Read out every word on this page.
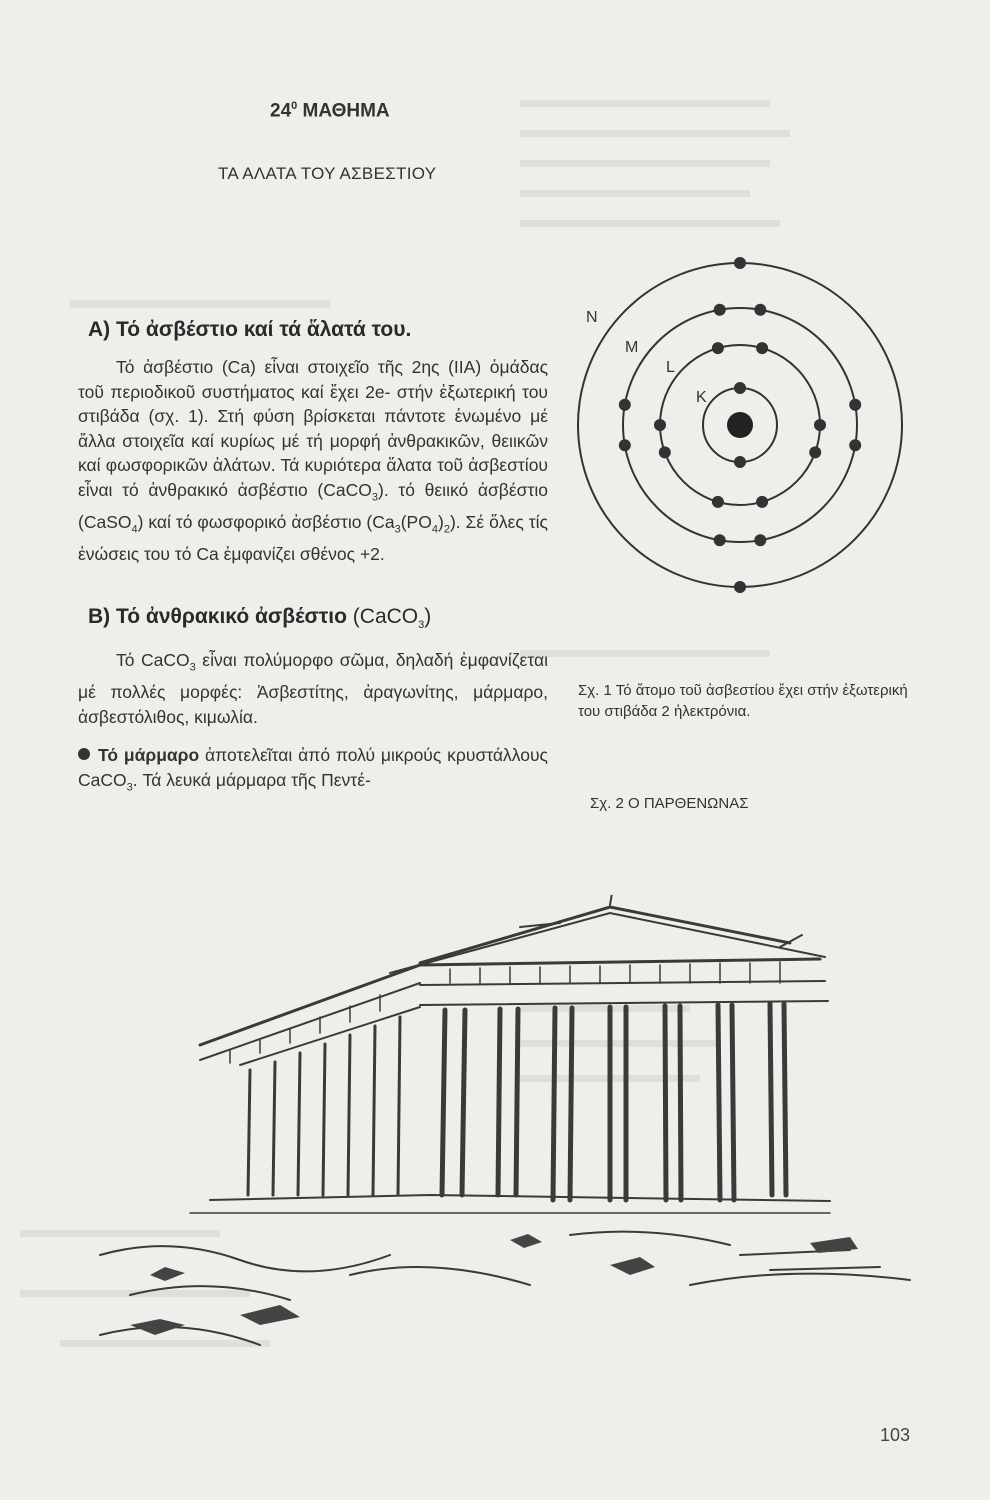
$24^0$ ΜΑΘΗΜΑ
ΤΑ ΑΛΑΤΑ ΤΟΥ ΑΣΒΕΣΤΙΟΥ
Α) Τό ἀσβέστιο καί τά ἅλατά του.

Τό ἀσβέστιο (Ca) εἶναι στοιχεῖο τῆς 2ης (IIA) ὁμάδας τοῦ περιοδικοῦ συστήματος καί ἔχει 2e- στήν ἐξωτερική του στιβάδα (σχ. 1). Στή φύση βρίσκεται πάντοτε ἑνωμένο μέ ἄλλα στοιχεῖα καί κυρίως μέ τή μορφή ἀνθρακικῶν, θειικῶν καί φωσφορικῶν ἁλάτων. Τά κυριότερα ἅλατα τοῦ ἀσβεστίου εἶναι τό ἀνθρακικό ἀσβέστιο (CaCO$_3$). τό θειικό ἀσβέστιο (CaSO$_4$) καί τό φωσφορικό ἀσβέστιο $(Ca_3(PO_4)_2)$. Σέ ὅλες τίς ἐνώσεις του τό Ca ἐμφανίζει σθένος +2.

Β) Τό ἀνθρακικό ἀσβέστιο (CaCO$_3$)

Τό CaCO$_3$ εἶναι πολύμορφο σῶμα, δηλαδή ἐμφανίζεται μέ πολλές μορφές: Ἀσβεστίτης, ἀραγωνίτης, μάρμαρο, ἀσβεστόλιθος, κιμωλία.

Τό μάρμαρο ἀποτελεῖται ἀπό πολύ μικρούς κρυστάλλους CaCO$_3$. Τά λευκά μάρμαρα τῆς Πεντέ-

N
M
L
K
Σχ. 1 Τό ἄτομο τοῦ ἀσβεστίου ἔχει στήν ἐξωτερική του στιβάδα 2 ἠλεκτρόνια.
Σχ. 2 Ο ΠΑΡΘΕΝΩΝΑΣ
103
